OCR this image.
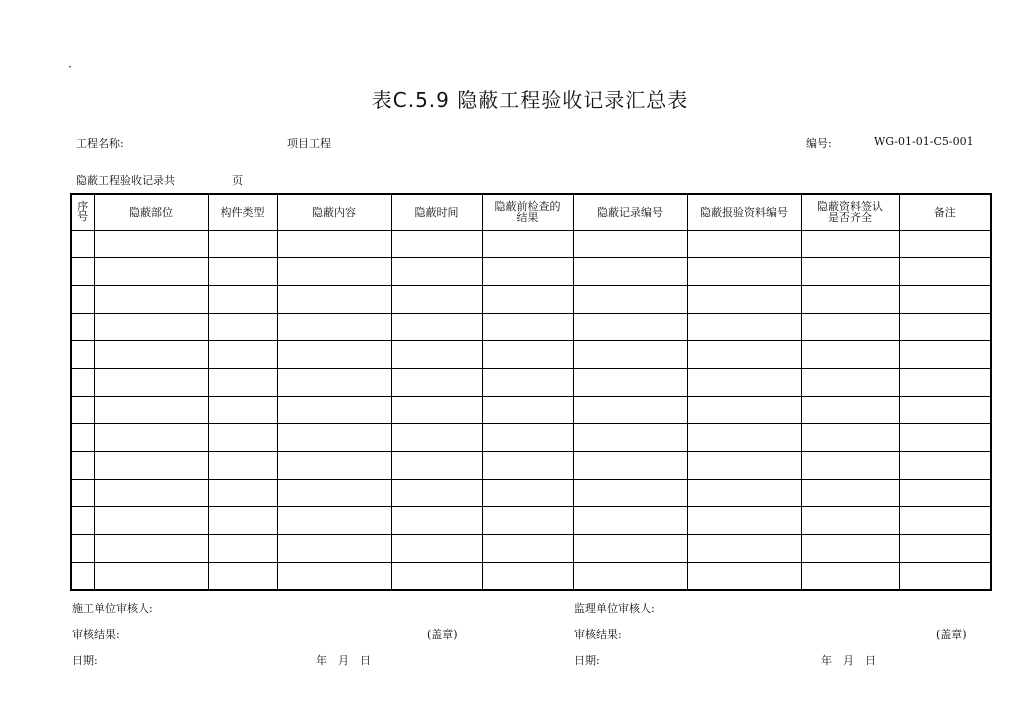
·
表C.5.9 隐蔽工程验收记录汇总表
工程名称:	项目工程	编号:	WG-01-01-C5-001
隐蔽工程验收记录共	页
序号	隐蔽部位	构件类型	隐蔽内容	隐蔽时间	隐蔽前检查的结果	隐蔽记录编号	隐蔽报验资料编号	隐蔽资料签认是否齐全	备注

施工单位审核人:
审核结果:	(盖章)
日期:	年　月　日
监理单位审核人:
审核结果:	(盖章)
日期:	年　月　日
